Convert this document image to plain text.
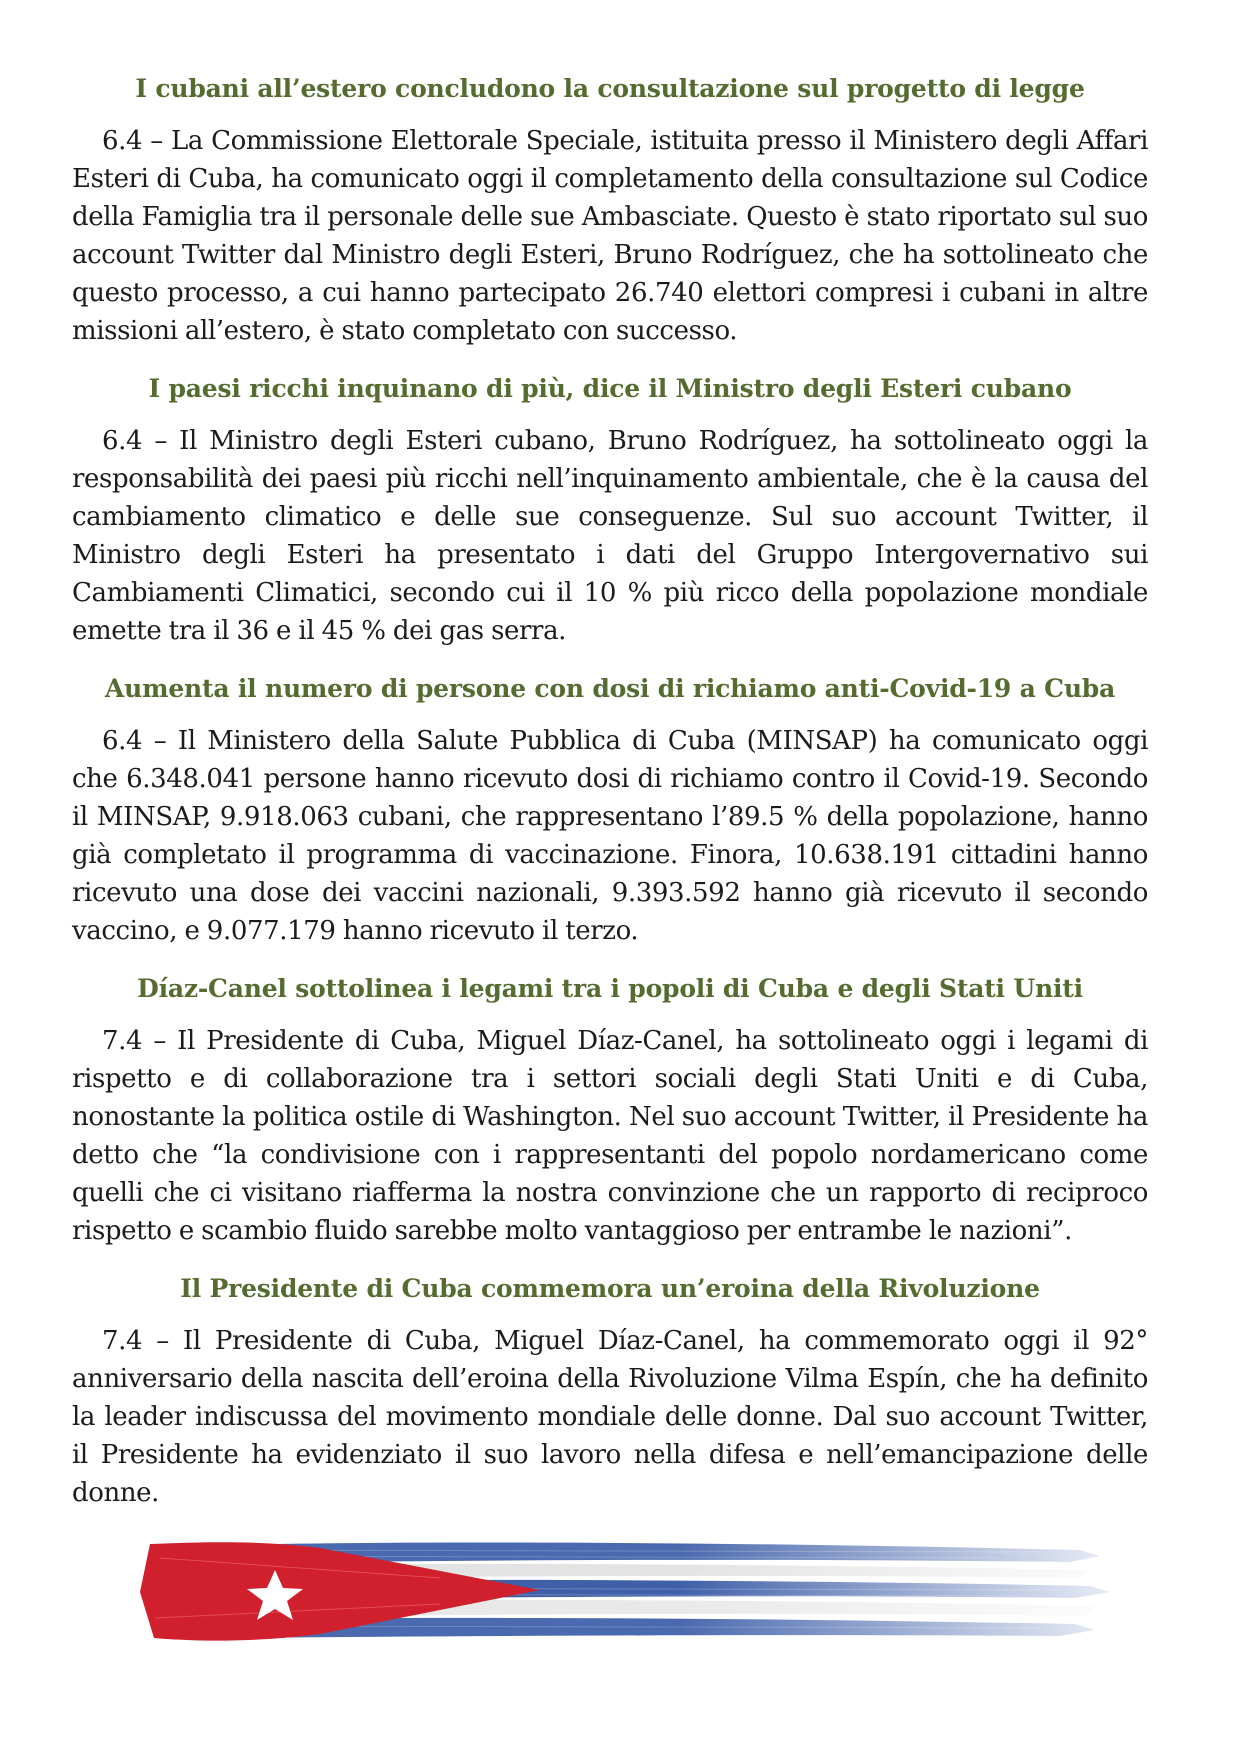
I cubani all’estero concludono la consultazione sul progetto di legge

6.4 – La Commissione Elettorale Speciale, istituita presso il Ministero degli Affari Esteri di Cuba, ha comunicato oggi il completamento della consultazione sul Codice della Famiglia tra il personale delle sue Ambasciate. Questo è stato riportato sul suo account Twitter dal Ministro degli Esteri, Bruno Rodríguez, che ha sottolineato che questo processo, a cui hanno partecipato 26.740 elettori compresi i cubani in altre missioni all’estero, è stato completato con successo.

I paesi ricchi inquinano di più, dice il Ministro degli Esteri cubano

6.4 – Il Ministro degli Esteri cubano, Bruno Rodríguez, ha sottolineato oggi la responsabilità dei paesi più ricchi nell’inquinamento ambientale, che è la causa del cambiamento climatico e delle sue conseguenze. Sul suo account Twitter, il Ministro degli Esteri ha presentato i dati del Gruppo Intergovernativo sui Cambiamenti Climatici, secondo cui il 10 % più ricco della popolazione mondiale emette tra il 36 e il 45 % dei gas serra.

Aumenta il numero di persone con dosi di richiamo anti-Covid-19 a Cuba

6.4 – Il Ministero della Salute Pubblica di Cuba (MINSAP) ha comunicato oggi che 6.348.041 persone hanno ricevuto dosi di richiamo contro il Covid-19. Secondo il MINSAP, 9.918.063 cubani, che rappresentano l’89.5 % della popolazione, hanno già completato il programma di vaccinazione. Finora, 10.638.191 cittadini hanno ricevuto una dose dei vaccini nazionali, 9.393.592 hanno già ricevuto il secondo vaccino, e 9.077.179 hanno ricevuto il terzo.

Díaz-Canel sottolinea i legami tra i popoli di Cuba e degli Stati Uniti

7.4 – Il Presidente di Cuba, Miguel Díaz-Canel, ha sottolineato oggi i legami di rispetto e di collaborazione tra i settori sociali degli Stati Uniti e di Cuba, nonostante la politica ostile di Washington. Nel suo account Twitter, il Presidente ha detto che “la condivisione con i rappresentanti del popolo nordamericano come quelli che ci visitano riafferma la nostra convinzione che un rapporto di reciproco rispetto e scambio fluido sarebbe molto vantaggioso per entrambe le nazioni”.

Il Presidente di Cuba commemora un’eroina della Rivoluzione

7.4 – Il Presidente di Cuba, Miguel Díaz-Canel, ha commemorato oggi il 92° anniversario della nascita dell’eroina della Rivoluzione Vilma Espín, che ha definito la leader indiscussa del movimento mondiale delle donne. Dal suo account Twitter, il Presidente ha evidenziato il suo lavoro nella difesa e nell’emancipazione delle donne.
